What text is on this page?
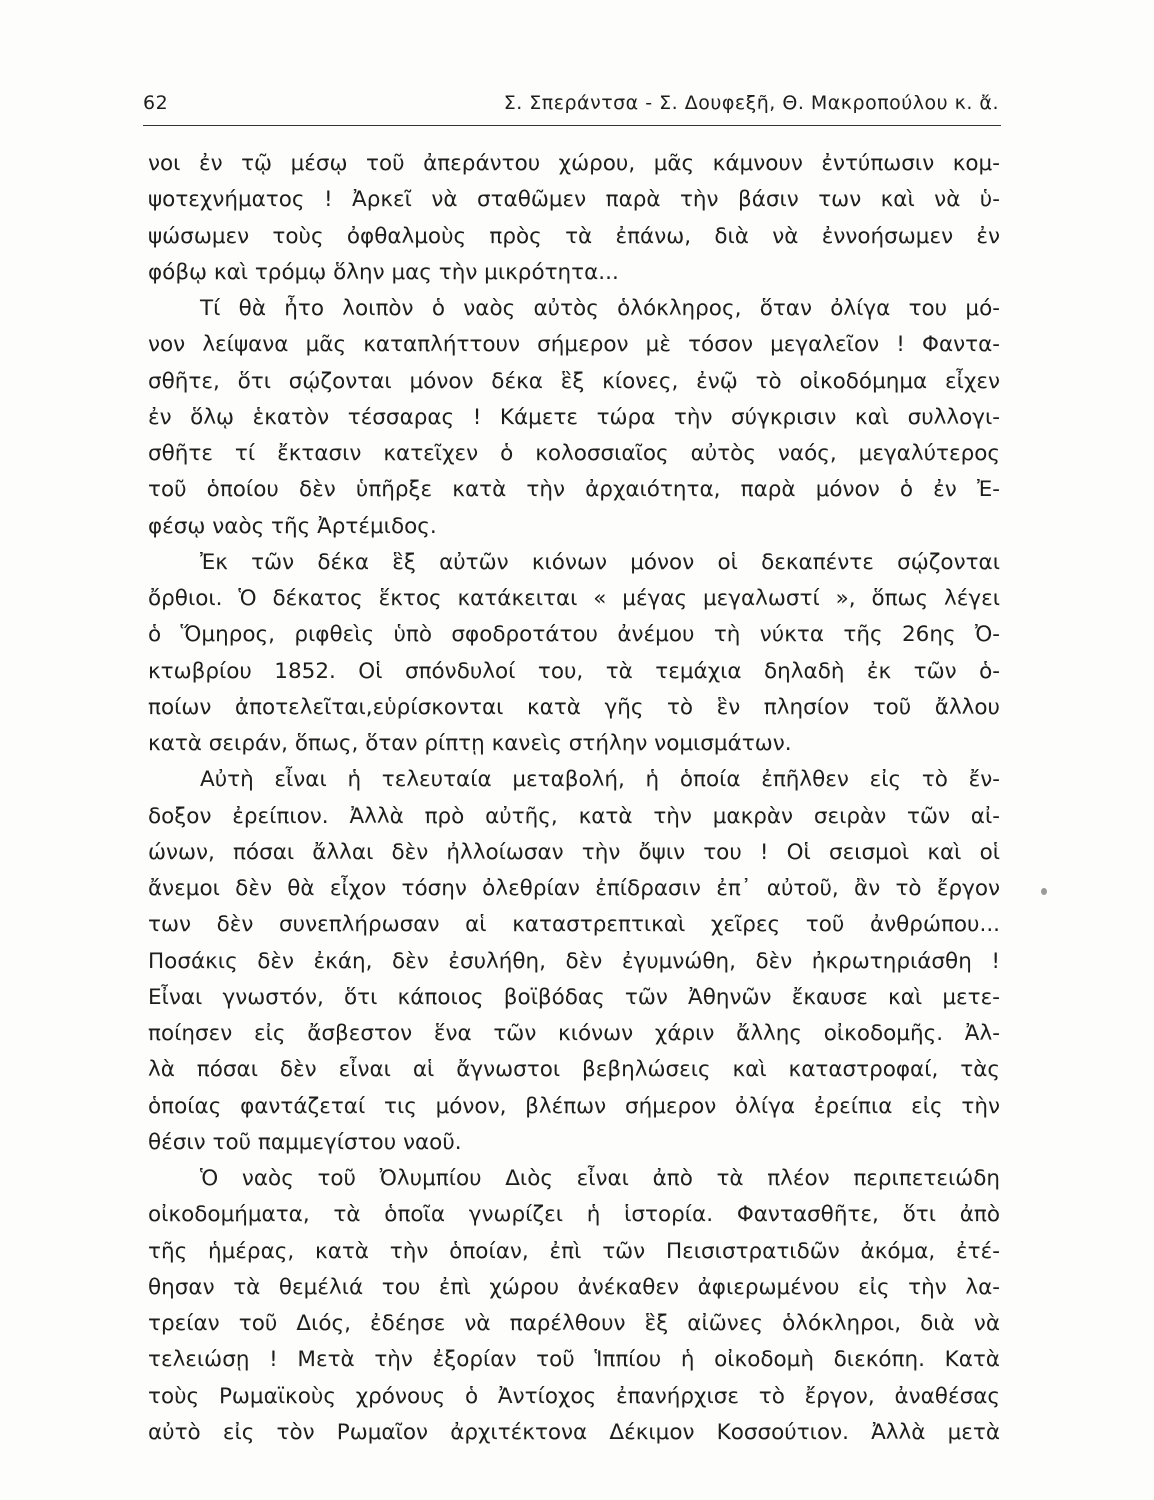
62	Σ. Σπεράντσα - Σ. Δουφεξῆ, Θ. Μακροπούλου κ. ἄ.
νοι ἐν τῷ μέσῳ τοῦ ἀπεράντου χώρου, μᾶς κάμνουν ἐντύπωσιν κομ-
ψοτεχνήματος ! Ἀρκεῖ νὰ σταθῶμεν παρὰ τὴν βάσιν των καὶ νὰ ὑ-
ψώσωμεν τοὺς ὀφθαλμοὺς πρὸς τὰ ἐπάνω, διὰ νὰ ἐννοήσωμεν ἐν
φόβῳ καὶ τρόμῳ ὅλην μας τὴν μικρότητα...
Τί θὰ ἦτο λοιπὸν ὁ ναὸς αὐτὸς ὁλόκληρος, ὅταν ὀλίγα του μό-
νον λείψανα μᾶς καταπλήττουν σήμερον μὲ τόσον μεγαλεῖον ! Φαντα-
σθῆτε, ὅτι σῴζονται μόνον δέκα ἓξ κίονες, ἐνῷ τὸ οἰκοδόμημα εἶχεν
ἐν ὅλῳ ἑκατὸν τέσσαρας ! Κάμετε τώρα τὴν σύγκρισιν καὶ συλλογι-
σθῆτε τί ἔκτασιν κατεῖχεν ὁ κολοσσιαῖος αὐτὸς ναός, μεγαλύτερος
τοῦ ὁποίου δὲν ὑπῆρξε κατὰ τὴν ἀρχαιότητα, παρὰ μόνον ὁ ἐν Ἐ-
φέσῳ ναὸς τῆς Ἀρτέμιδος.
Ἐκ τῶν δέκα ἓξ αὐτῶν κιόνων μόνον οἱ δεκαπέντε σῴζονται
ὄρθιοι. Ὁ δέκατος ἕκτος κατάκειται « μέγας μεγαλωστί », ὅπως λέγει
ὁ Ὅμηρος, ριφθεὶς ὑπὸ σφοδροτάτου ἀνέμου τὴ νύκτα τῆς 26ης Ὀ-
κτωβρίου 1852. Οἱ σπόνδυλοί του, τὰ τεμάχια δηλαδὴ ἐκ τῶν ὁ-
ποίων ἀποτελεῖται,εὑρίσκονται κατὰ γῆς τὸ ἓν πλησίον τοῦ ἄλλου
κατὰ σειράν, ὅπως, ὅταν ρίπτῃ κανεὶς στήλην νομισμάτων.
Αὐτὴ εἶναι ἡ τελευταία μεταβολή, ἡ ὁποία ἐπῆλθεν εἰς τὸ ἔν-
δοξον ἐρείπιον. Ἀλλὰ πρὸ αὐτῆς, κατὰ τὴν μακρὰν σειρὰν τῶν αἰ-
ώνων, πόσαι ἄλλαι δὲν ἠλλοίωσαν τὴν ὄψιν του ! Οἱ σεισμοὶ καὶ οἱ
ἄνεμοι δὲν θὰ εἶχον τόσην ὀλεθρίαν ἐπίδρασιν ἐπ᾽ αὐτοῦ, ἂν τὸ ἔργον
των δὲν συνεπλήρωσαν αἱ καταστρεπτικαὶ χεῖρες τοῦ ἀνθρώπου...
Ποσάκις δὲν ἐκάη, δὲν ἐσυλήθη, δὲν ἐγυμνώθη, δὲν ἠκρωτηριάσθη !
Εἶναι γνωστόν, ὅτι κάποιος βοϊβόδας τῶν Ἀθηνῶν ἔκαυσε καὶ μετε-
ποίησεν εἰς ἄσβεστον ἕνα τῶν κιόνων χάριν ἄλλης οἰκοδομῆς. Ἀλ-
λὰ πόσαι δὲν εἶναι αἱ ἄγνωστοι βεβηλώσεις καὶ καταστροφαί, τὰς
ὁποίας φαντάζεταί τις μόνον, βλέπων σήμερον ὀλίγα ἐρείπια εἰς τὴν
θέσιν τοῦ παμμεγίστου ναοῦ.
Ὁ ναὸς τοῦ Ὀλυμπίου Διὸς εἶναι ἀπὸ τὰ πλέον περιπετειώδη
οἰκοδομήματα, τὰ ὁποῖα γνωρίζει ἡ ἱστορία. Φαντασθῆτε, ὅτι ἀπὸ
τῆς ἡμέρας, κατὰ τὴν ὁποίαν, ἐπὶ τῶν Πεισιστρατιδῶν ἀκόμα, ἐτέ-
θησαν τὰ θεμέλιά του ἐπὶ χώρου ἀνέκαθεν ἀφιερωμένου εἰς τὴν λα-
τρείαν τοῦ Διός, ἐδέησε νὰ παρέλθουν ἓξ αἰῶνες ὁλόκληροι, διὰ νὰ
τελειώσῃ ! Μετὰ τὴν ἐξορίαν τοῦ Ἱππίου ἡ οἰκοδομὴ διεκόπη. Κατὰ
τοὺς Ρωμαϊκοὺς χρόνους ὁ Ἀντίοχος ἐπανήρχισε τὸ ἔργον, ἀναθέσας
αὐτὸ εἰς τὸν Ρωμαῖον ἀρχιτέκτονα Δέκιμον Κοσσούτιον. Ἀλλὰ μετὰ
